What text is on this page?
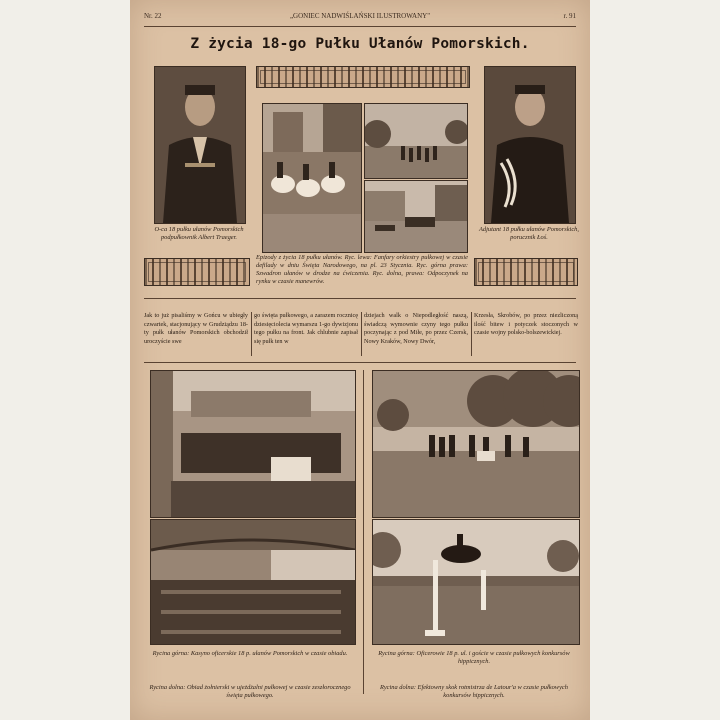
Nr. 22	„GONIEC NADWIŚLAŃSKI ILUSTROWANY"	r. 91
Z życia 18-go Pułku Ułanów Pomorskich.
O-ca 18 pułku ułanów Pomorskich podpułkownik Albert Traeger.
Adjutant 18 pułku ułanów Pomorskich, porucznik Łoś.
Epizody z życia 18 pułku ułanów. Ryc. lewa: Fanfary orkiestry pułkowej w czasie defilady w dniu Święta Narodowego, na pl. 23 Stycznia. Ryc. górna prawa: Szwadron ułanów w drodze na ćwiczenia. Ryc. dolna, prawa: Odpoczynek na rynku w czasie manewrów.
Jak to już pisaliśmy w Gońcu w ubiegły czwartek, stacjonujący w Grudziądzu 18-ty pułk ułanów Pomorskich obchodził uroczyście swe
go święta pułkowego, a zarazem rocznicę dziesięciolecia wymarszu 1-go dywizjonu tego pułku na front. Jak chlubnie zapisał się pułk ten w
dziejach walk o Niepodległość naszą, świadczą wymownie czyny tego pułku poczynając z pod Miłe, po przez Czersk, Nowy Kraków, Nowy Dwór,
Krzesła, Skrobów, po przez niezliczoną ilość bitew i potyczek stoczonych w czasie wojny polsko-bolszewickiej.
Rycina górna: Kasyno oficerskie 18 p. ułanów Pomorskich w czasie obiadu.
Rycina dolna: Obiad żołnierski w ujeżdżalni pułkowej w czasie zeszłorocznego święta pułkowego.
Rycina górna: Oficerowie 18 p. ul. i goście w czasie pułkowych konkursów hippicznych.
Rycina dolna: Efektowny skok rotmistrza de Latour'a w czasie pułkowych konkursów hippicznych.
